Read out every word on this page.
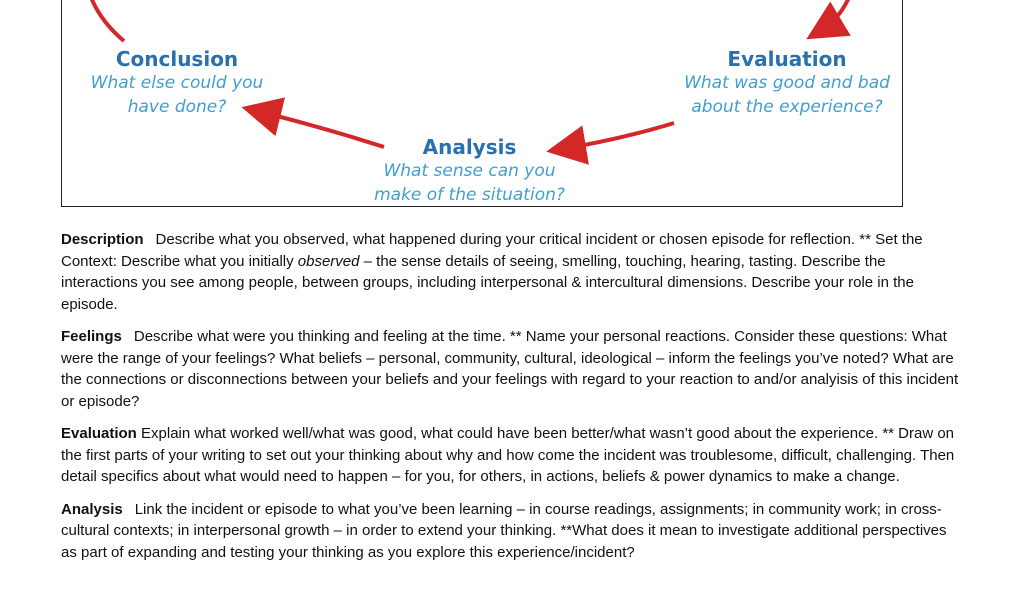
Conclusion
What else could you
have done?
Evaluation
What was good and bad
about the experience?
Analysis
What sense can you
make of the situation?

Description Describe what you observed, what happened during your critical incident or chosen episode for reflection. ** Set the Context: Describe what you initially observed – the sense details of seeing, smelling, touching, hearing, tasting. Describe the interactions you see among people, between groups, including interpersonal & intercultural dimensions. Describe your role in the episode.

Feelings Describe what were you thinking and feeling at the time. ** Name your personal reactions. Consider these questions: What were the range of your feelings? What beliefs – personal, community, cultural, ideological – inform the feelings you’ve noted? What are the connections or disconnections between your beliefs and your feelings with regard to your reaction to and/or analyisis of this incident or episode?

Evaluation Explain what worked well/what was good, what could have been better/what wasn’t good about the experience. ** Draw on the first parts of your writing to set out your thinking about why and how come the incident was troublesome, difficult, challenging. Then detail specifics about what would need to happen – for you, for others, in actions, beliefs & power dynamics to make a change.

Analysis Link the incident or episode to what you’ve been learning – in course readings, assignments; in community work; in cross-cultural contexts; in interpersonal growth – in order to extend your thinking. **What does it mean to investigate additional perspectives as part of expanding and testing your thinking as you explore this experience/incident?
